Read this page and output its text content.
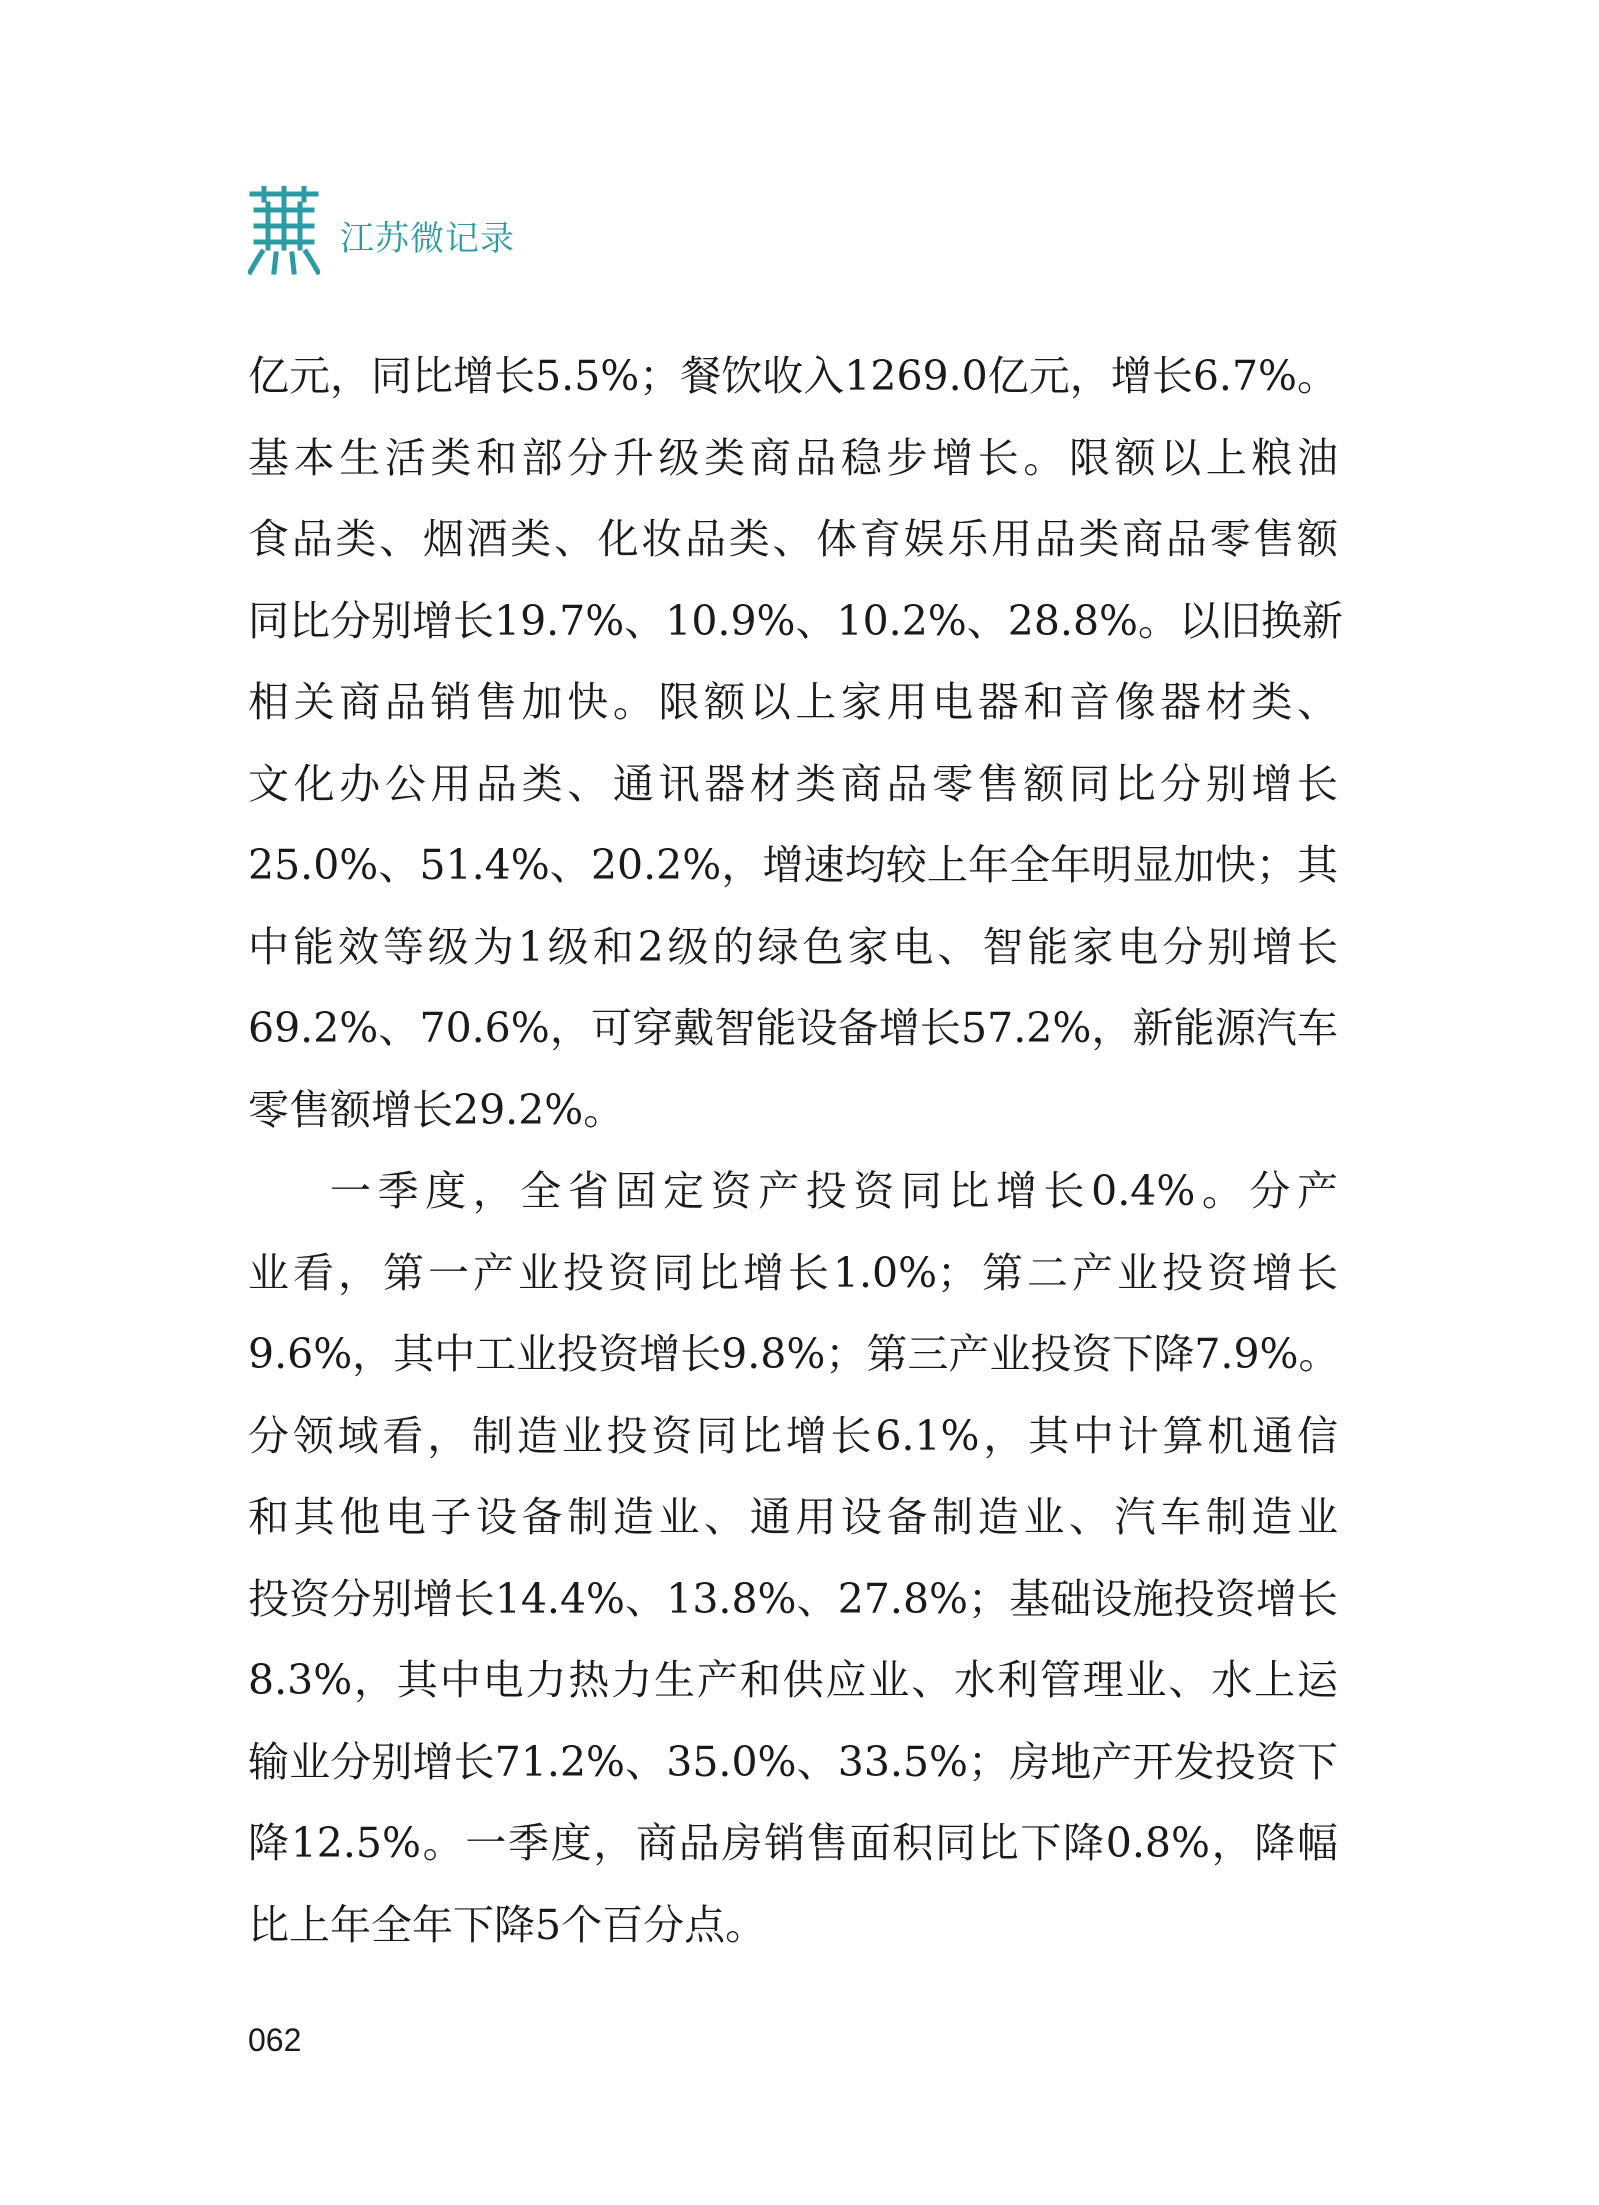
江苏微记录
亿元，同比增长5.5%；餐饮收入1269.0亿元，增长6.7%。
基本生活类和部分升级类商品稳步增长。限额以上粮油
食品类、烟酒类、化妆品类、体育娱乐用品类商品零售额
同比分别增长19.7%、10.9%、10.2%、28.8%。以旧换新
相关商品销售加快。限额以上家用电器和音像器材类、
文化办公用品类、通讯器材类商品零售额同比分别增长
25.0%、51.4%、20.2%，增速均较上年全年明显加快；其
中能效等级为1级和2级的绿色家电、智能家电分别增长
69.2%、70.6%，可穿戴智能设备增长57.2%，新能源汽车
零售额增长29.2%。
一季度，全省固定资产投资同比增长0.4%。分产
业看，第一产业投资同比增长1.0%；第二产业投资增长
9.6%，其中工业投资增长9.8%；第三产业投资下降7.9%。
分领域看，制造业投资同比增长6.1%，其中计算机通信
和其他电子设备制造业、通用设备制造业、汽车制造业
投资分别增长14.4%、13.8%、27.8%；基础设施投资增长
8.3%，其中电力热力生产和供应业、水利管理业、水上运
输业分别增长71.2%、35.0%、33.5%；房地产开发投资下
降12.5%。一季度，商品房销售面积同比下降0.8%，降幅
比上年全年下降5个百分点。
062
